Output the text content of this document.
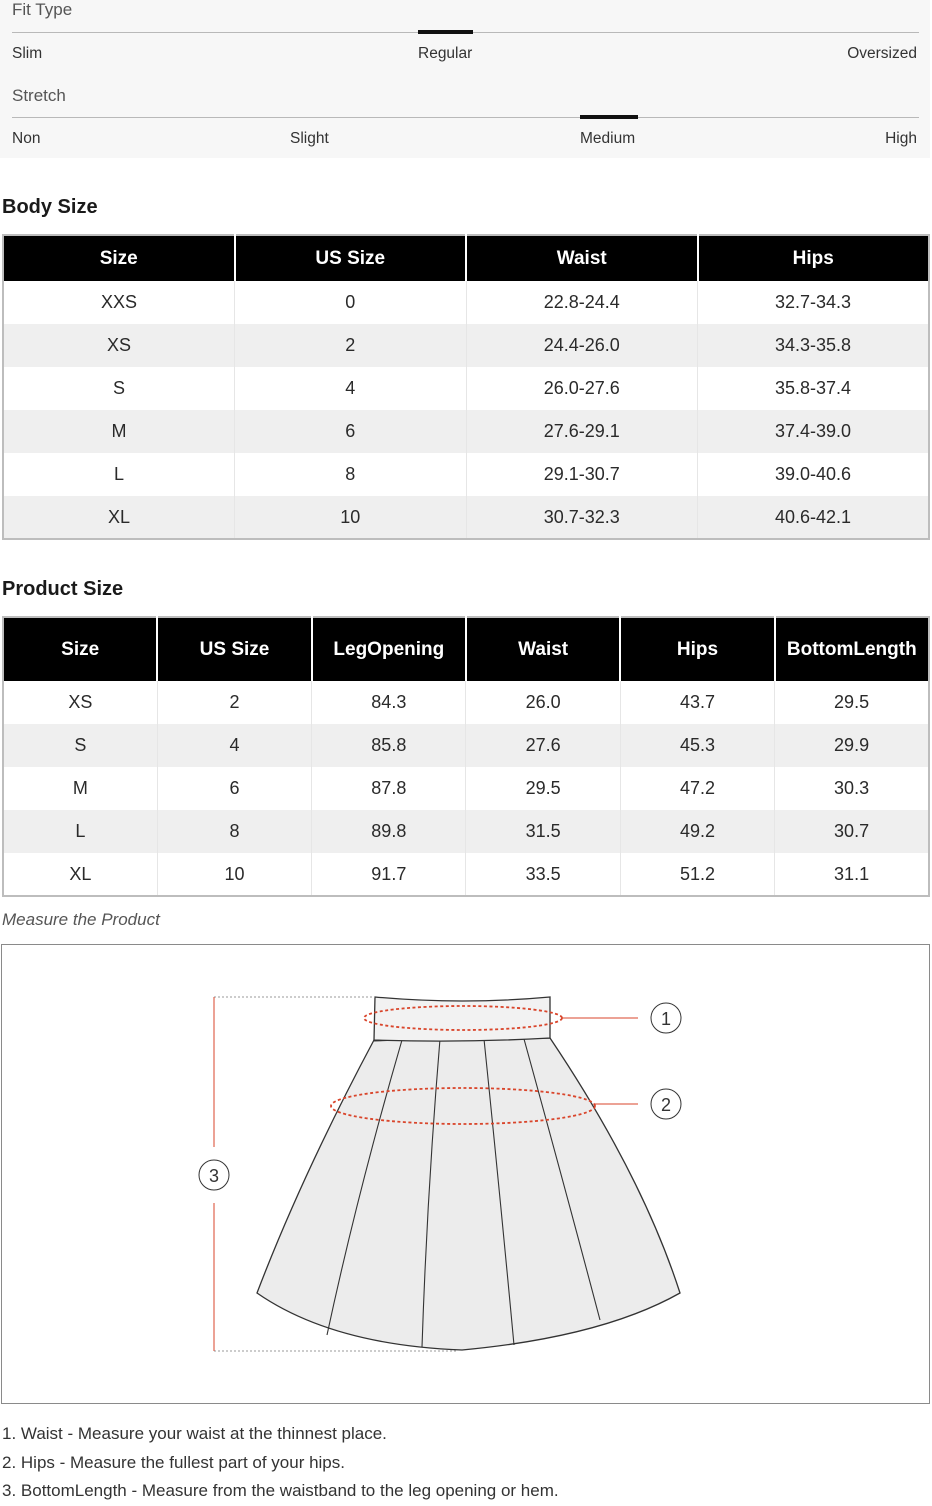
Fit Type
Slim	Regular	Oversized
Stretch
Non	Slight	Medium	High
Body Size
Size	US Size	Waist	Hips
XXS	0	22.8-24.4	32.7-34.3
XS	2	24.4-26.0	34.3-35.8
S	4	26.0-27.6	35.8-37.4
M	6	27.6-29.1	37.4-39.0
L	8	29.1-30.7	39.0-40.6
XL	10	30.7-32.3	40.6-42.1
Product Size
Size	US Size	LegOpening	Waist	Hips	BottomLength
XS	2	84.3	26.0	43.7	29.5
S	4	85.8	27.6	45.3	29.9
M	6	87.8	29.5	47.2	30.3
L	8	89.8	31.5	49.2	30.7
XL	10	91.7	33.5	51.2	31.1
Measure the Product
1
2
3
1. Waist - Measure your waist at the thinnest place.
2. Hips - Measure the fullest part of your hips.
3. BottomLength - Measure from the waistband to the leg opening or hem.
